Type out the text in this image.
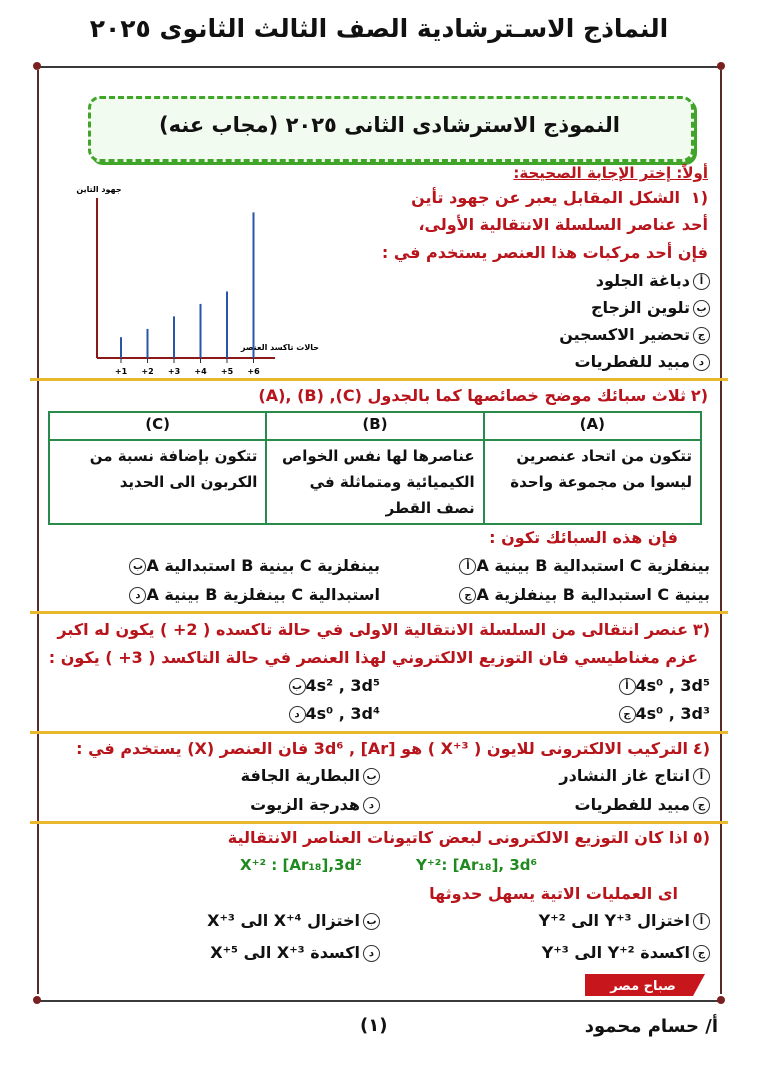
النماذج الاسـترشادية الصف الثالث الثانوى ٢٠٢٥
النموذج الاسترشادى الثانى ٢٠٢٥ (مجاب عنه)
أولاً: إختر الإجابة الصحيحة:
١)
الشكل المقابل يعبر عن جهود تأين
أحد عناصر السلسلة الانتقالية الأولى،
فإن أحد مركبات هذا العنصر يستخدم في :
أدباغة الجلود
بتلوين الزجاج
جتحضير الاكسجين
دمبيد للفطريات
جهود التاين
حالات تاكسد العنصر
+1 +2 +3 +4 +5 +6
٢)
(A), (B) ,(C) ثلاث سبائك موضح خصائصها كما بالجدول
(A)	(B)	(C)
تتكون من اتحاد عنصرين ليسوا من مجموعة واحدة	عناصرها لها نفس الخواص الكيميائية ومتماثلة في نصف القطر	تتكون بإضافة نسبة من الكربون الى الحديد
فإن هذه السبائك تكون :
أ A بينية B استبدالية C بينفلزية
ب A استبدالية B بينية C بينفلزية
ج A بينفلزية B استبدالية C بينية
د A بينية B بينفلزية C استبدالية
٣)
عنصر انتقالى من السلسلة الانتقالية الاولى في حالة تاكسده ( 2+ ) يكون له اكبر
عزم مغناطيسي فان التوزيع الالكتروني لهذا العنصر في حالة التاكسد ( 3+ ) يكون :
أ 4s⁰ , 3d⁵
ب 4s² , 3d⁵
ج 4s⁰ , 3d³
د 4s⁰ , 3d⁴
٤)
التركيب الالكترونى للايون ( X⁺³ ) هو [Ar] , 3d⁶ فان العنصر (X) يستخدم في :
أانتاج غاز النشادر
بالبطارية الجافة
جمبيد للفطريات
دهدرجة الزيوت
٥)
اذا كان التوزيع الالكترونى لبعض كاتيونات العناصر الانتقالية
Y⁺²: [Ar₁₈], 3d⁶
X⁺² : [Ar₁₈],3d²
اى العمليات الاتية يسهل حدوثها
أاختزال Y⁺³ الى Y⁺²
باختزال X⁺⁴ الى X⁺³
جاكسدة Y⁺² الى Y⁺³
داكسدة X⁺³ الى X⁺⁵
صباح مصر
أ/ حسام محمود
(١)
